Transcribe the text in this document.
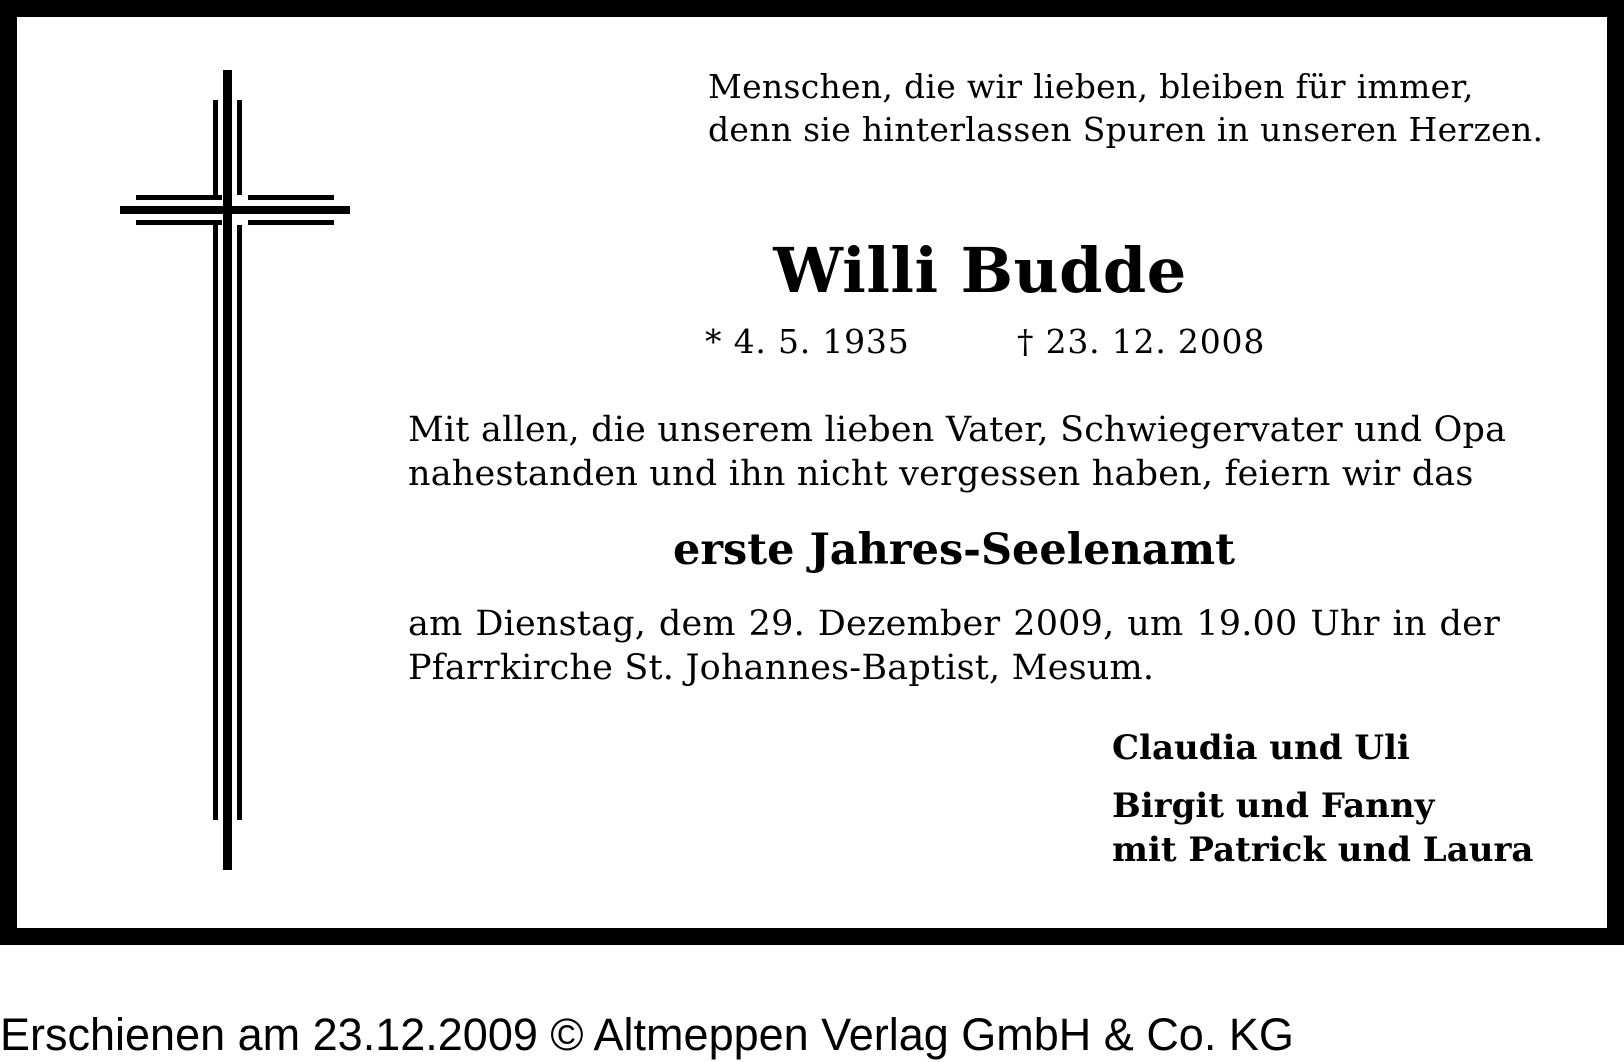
Menschen, die wir lieben, bleiben für immer,
denn sie hinterlassen Spuren in unseren Herzen.
Willi Budde
* 4. 5. 1935	† 23. 12. 2008
Mit allen, die unserem lieben Vater, Schwiegervater und Opa
nahestanden und ihn nicht vergessen haben, feiern wir das
erste Jahres-Seelenamt
am Dienstag, dem 29. Dezember 2009, um 19.00 Uhr in der
Pfarrkirche St. Johannes-Baptist, Mesum.
Claudia und Uli
Birgit und Fanny
mit Patrick und Laura
Erschienen am 23.12.2009 © Altmeppen Verlag GmbH & Co. KG
